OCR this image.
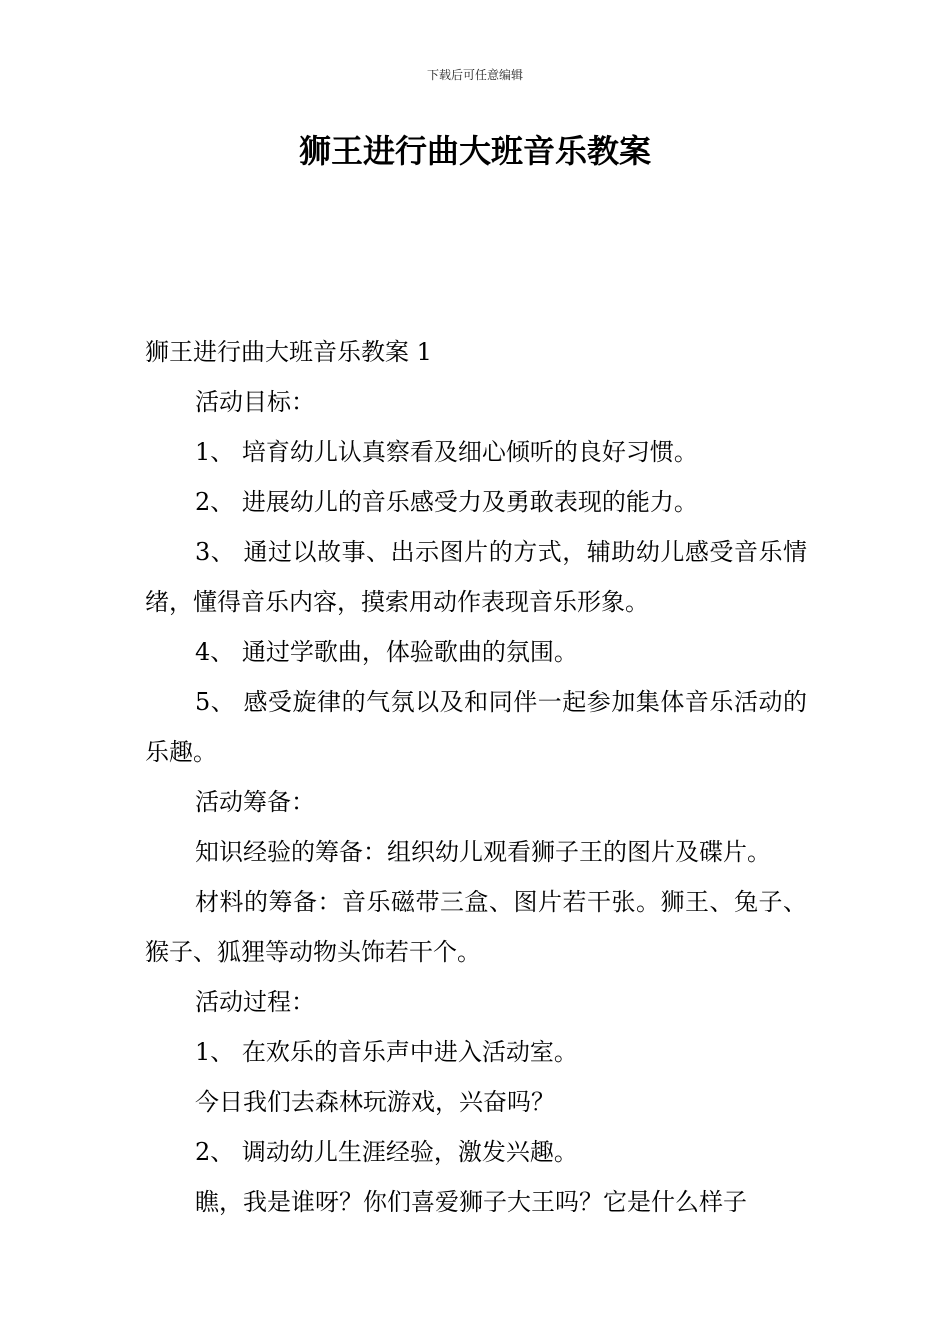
下载后可任意编辑
狮王进行曲大班音乐教案

狮王进行曲大班音乐教案 1

活动目标：

1、 培育幼儿认真察看及细心倾听的良好习惯。

2、 进展幼儿的音乐感受力及勇敢表现的能力。

3、 通过以故事、出示图片的方式，辅助幼儿感受音乐情绪，懂得音乐内容，摸索用动作表现音乐形象。

4、 通过学歌曲，体验歌曲的氛围。

5、 感受旋律的气氛以及和同伴一起参加集体音乐活动的乐趣。

活动筹备：

知识经验的筹备：组织幼儿观看狮子王的图片及碟片。

材料的筹备：音乐磁带三盒、图片若干张。狮王、兔子、猴子、狐狸等动物头饰若干个。

活动过程：

1、 在欢乐的音乐声中进入活动室。

今日我们去森林玩游戏，兴奋吗？

2、 调动幼儿生涯经验，激发兴趣。

瞧，我是谁呀？你们喜爱狮子大王吗？它是什么样子
